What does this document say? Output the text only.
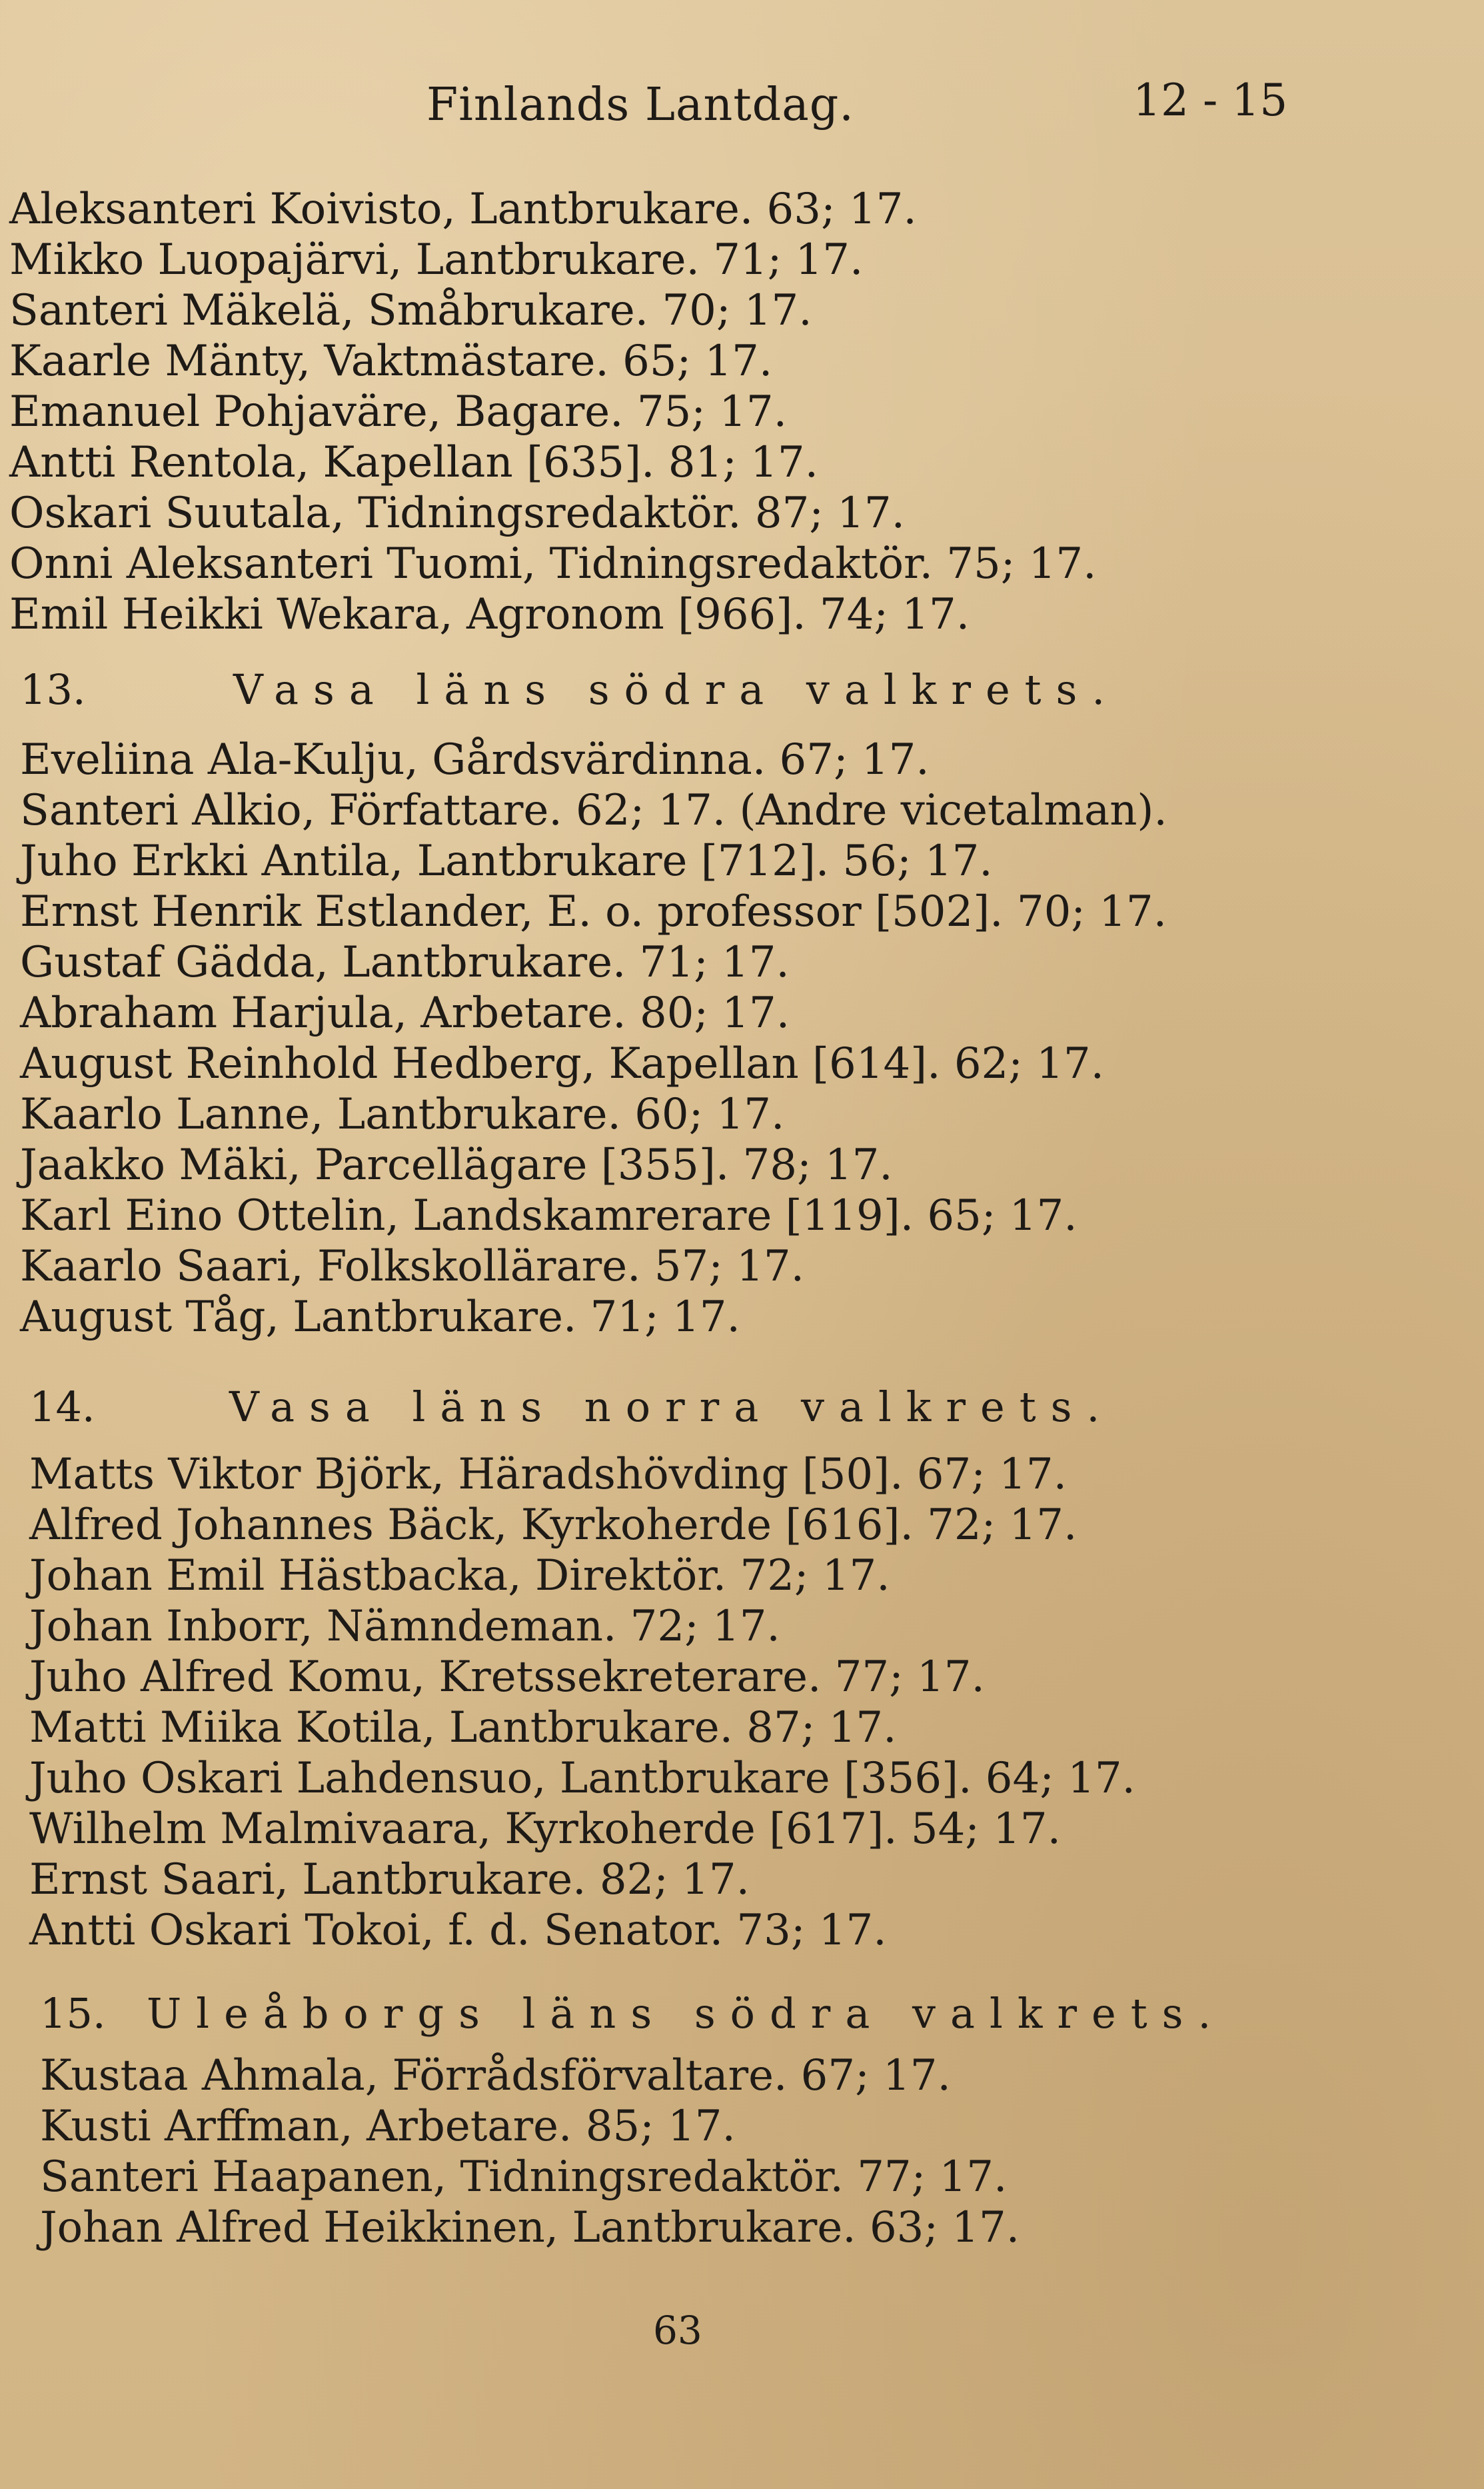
Finlands Lantdag.	12 - 15
Aleksanteri Koivisto, Lantbrukare. 63; 17.
Mikko Luopajärvi, Lantbrukare. 71; 17.
Santeri Mäkelä, Småbrukare. 70; 17.
Kaarle Mänty, Vaktmästare. 65; 17.
Emanuel Pohjaväre, Bagare. 75; 17.
Antti Rentola, Kapellan [635]. 81; 17.
Oskari Suutala, Tidningsredaktör. 87; 17.
Onni Aleksanteri Tuomi, Tidningsredaktör. 75; 17.
Emil Heikki Wekara, Agronom [966]. 74; 17.
13.	Vasa läns södra valkrets.
Eveliina Ala-Kulju, Gårdsvärdinna. 67; 17.
Santeri Alkio, Författare. 62; 17. (Andre vicetalman).
Juho Erkki Antila, Lantbrukare [712]. 56; 17.
Ernst Henrik Estlander, E. o. professor [502]. 70; 17.
Gustaf Gädda, Lantbrukare. 71; 17.
Abraham Harjula, Arbetare. 80; 17.
August Reinhold Hedberg, Kapellan [614]. 62; 17.
Kaarlo Lanne, Lantbrukare. 60; 17.
Jaakko Mäki, Parcellägare [355]. 78; 17.
Karl Eino Ottelin, Landskamrerare [119]. 65; 17.
Kaarlo Saari, Folkskollärare. 57; 17.
August Tåg, Lantbrukare. 71; 17.
14.	Vasa läns norra valkrets.
Matts Viktor Björk, Häradshövding [50]. 67; 17.
Alfred Johannes Bäck, Kyrkoherde [616]. 72; 17.
Johan Emil Hästbacka, Direktör. 72; 17.
Johan Inborr, Nämndeman. 72; 17.
Juho Alfred Komu, Kretssekreterare. 77; 17.
Matti Miika Kotila, Lantbrukare. 87; 17.
Juho Oskari Lahdensuo, Lantbrukare [356]. 64; 17.
Wilhelm Malmivaara, Kyrkoherde [617]. 54; 17.
Ernst Saari, Lantbrukare. 82; 17.
Antti Oskari Tokoi, f. d. Senator. 73; 17.
15. Uleåborgs läns södra valkrets.
Kustaa Ahmala, Förrådsförvaltare. 67; 17.
Kusti Arffman, Arbetare. 85; 17.
Santeri Haapanen, Tidningsredaktör. 77; 17.
Johan Alfred Heikkinen, Lantbrukare. 63; 17.
63
